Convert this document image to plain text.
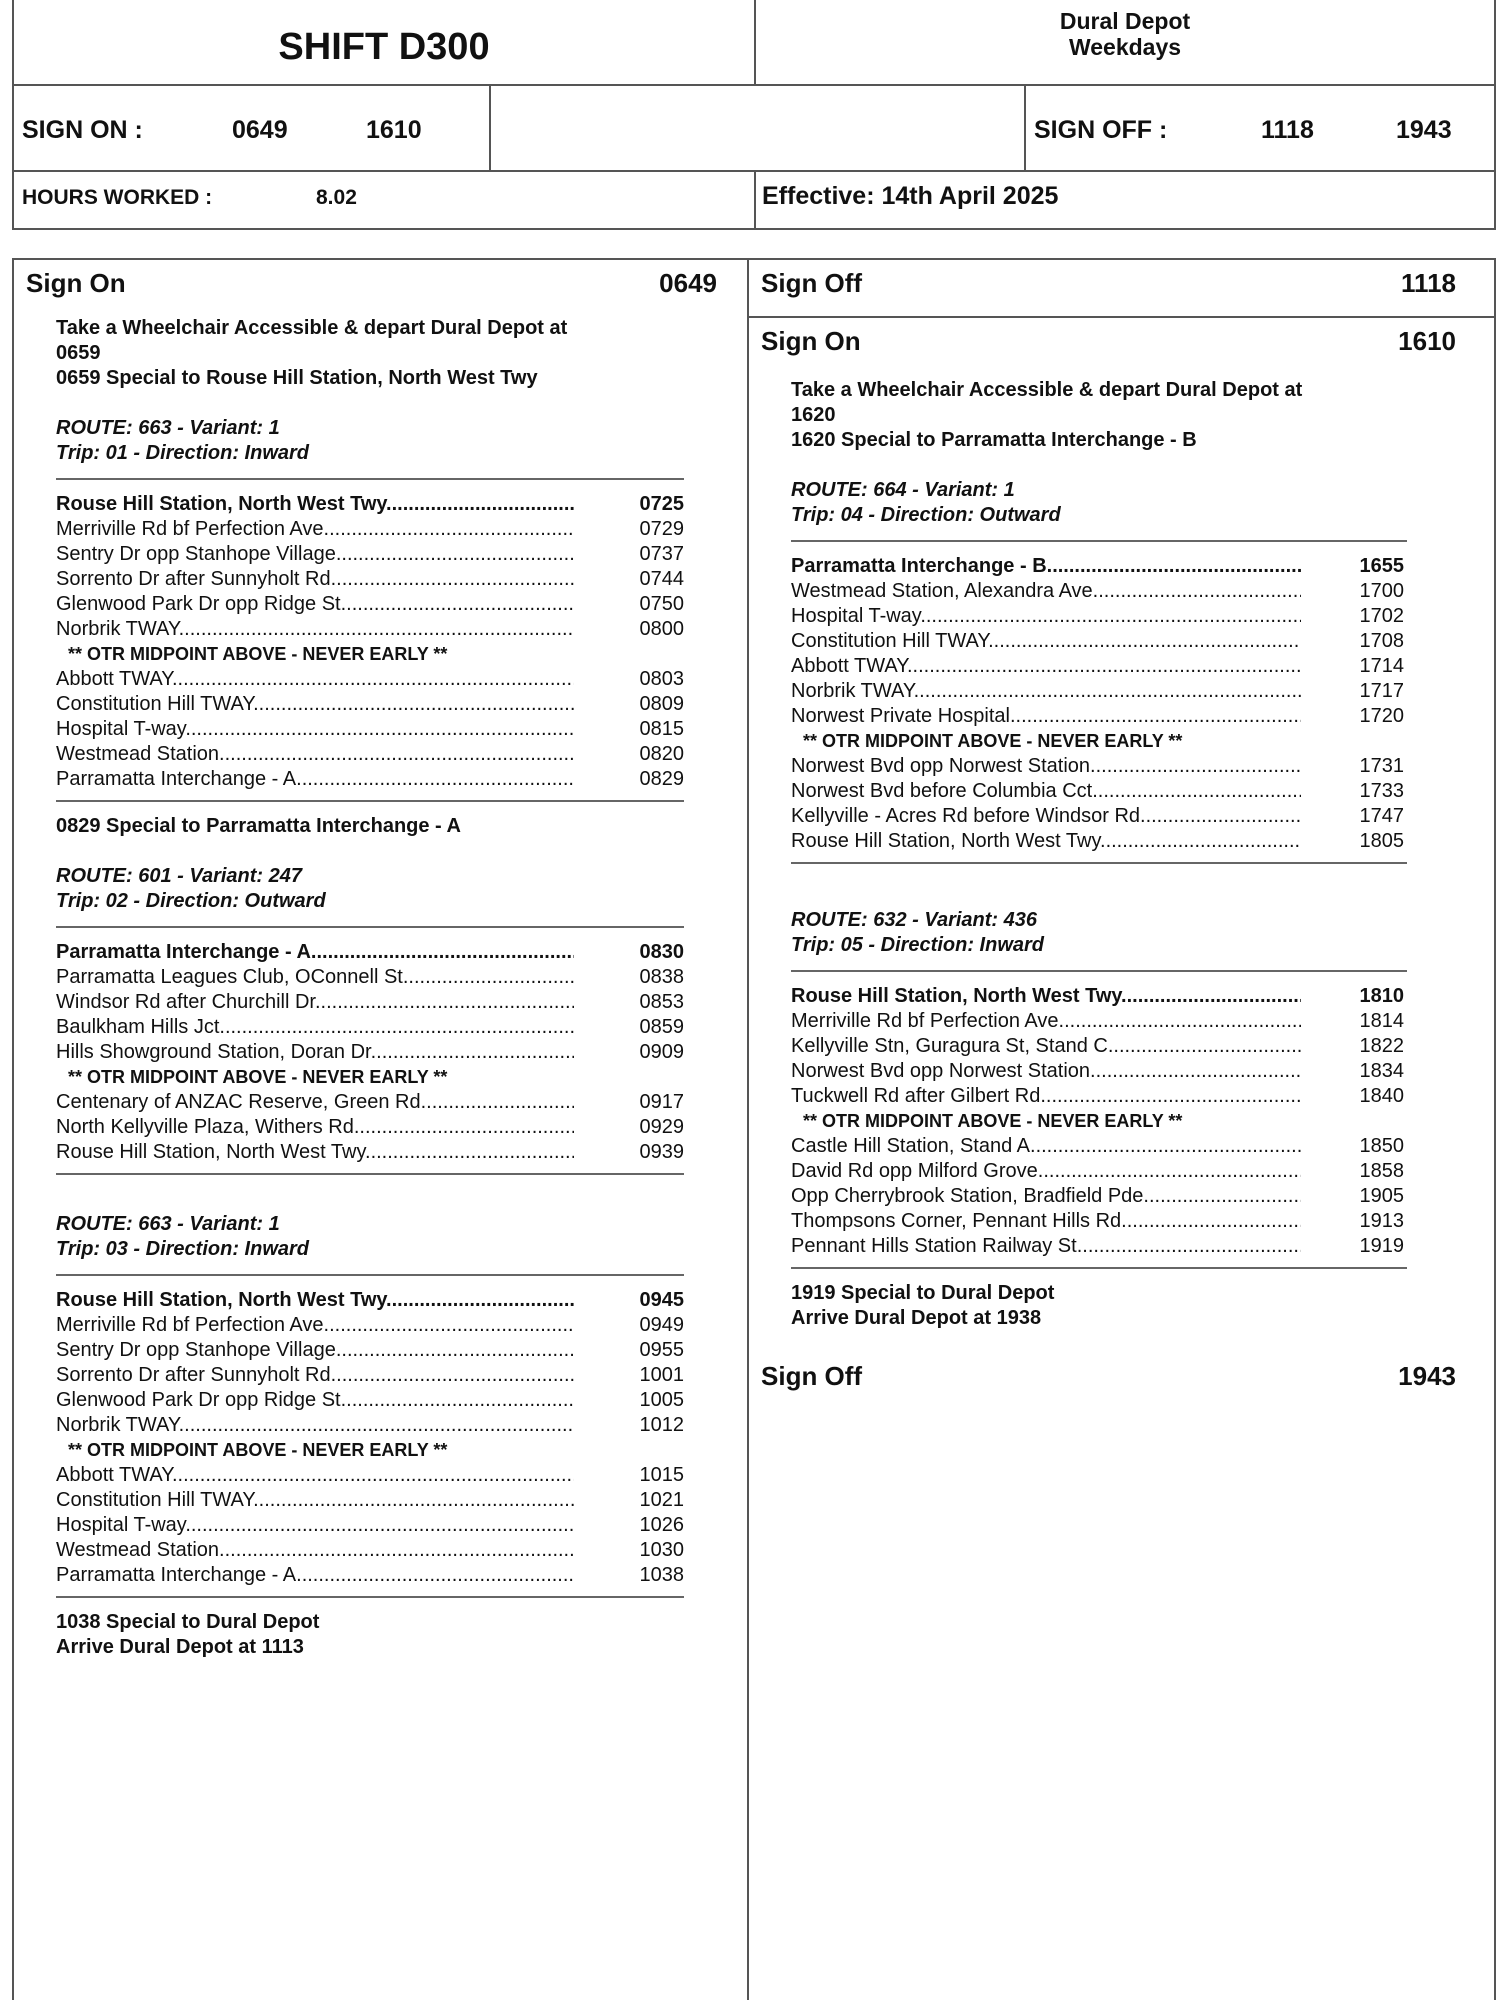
SHIFT D300
Dural Depot
Weekdays
SIGN ON :	0649	1610	SIGN OFF :	1118	1943
HOURS WORKED :	8.02	Effective: 14th April 2025
Sign On	0649
Take a Wheelchair Accessible & depart Dural Depot at
0659
0659 Special to Rouse Hill Station, North West Twy
ROUTE: 663 - Variant: 1
Trip: 01 - Direction: Inward
Rouse Hill Station, North West Twy .....	0725
Merriville Rd bf Perfection Ave .....	0729
Sentry Dr opp Stanhope Village .....	0737
Sorrento Dr after Sunnyholt Rd .....	0744
Glenwood Park Dr opp Ridge St .....	0750
Norbrik TWAY .....	0800
** OTR MIDPOINT ABOVE - NEVER EARLY **
Abbott TWAY .....	0803
Constitution Hill TWAY .....	0809
Hospital T-way .....	0815
Westmead Station .....	0820
Parramatta Interchange - A .....	0829
0829 Special to Parramatta Interchange - A
ROUTE: 601 - Variant: 247
Trip: 02 - Direction: Outward
Parramatta Interchange - A .....	0830
Parramatta Leagues Club, OConnell St .....	0838
Windsor Rd after Churchill Dr .....	0853
Baulkham Hills Jct .....	0859
Hills Showground Station, Doran Dr .....	0909
** OTR MIDPOINT ABOVE - NEVER EARLY **
Centenary of ANZAC Reserve, Green Rd .....	0917
North Kellyville Plaza, Withers Rd .....	0929
Rouse Hill Station, North West Twy .....	0939
ROUTE: 663 - Variant: 1
Trip: 03 - Direction: Inward
Rouse Hill Station, North West Twy .....	0945
Merriville Rd bf Perfection Ave .....	0949
Sentry Dr opp Stanhope Village .....	0955
Sorrento Dr after Sunnyholt Rd .....	1001
Glenwood Park Dr opp Ridge St .....	1005
Norbrik TWAY .....	1012
** OTR MIDPOINT ABOVE - NEVER EARLY **
Abbott TWAY .....	1015
Constitution Hill TWAY .....	1021
Hospital T-way .....	1026
Westmead Station .....	1030
Parramatta Interchange - A .....	1038
1038 Special to Dural Depot
Arrive Dural Depot at 1113
Sign Off	1118
Sign On	1610
Take a Wheelchair Accessible & depart Dural Depot at
1620
1620 Special to Parramatta Interchange - B
ROUTE: 664 - Variant: 1
Trip: 04 - Direction: Outward
Parramatta Interchange - B .....	1655
Westmead Station, Alexandra Ave .....	1700
Hospital T-way .....	1702
Constitution Hill TWAY .....	1708
Abbott TWAY .....	1714
Norbrik TWAY .....	1717
Norwest Private Hospital .....	1720
** OTR MIDPOINT ABOVE - NEVER EARLY **
Norwest Bvd opp Norwest Station .....	1731
Norwest Bvd before Columbia Cct .....	1733
Kellyville - Acres Rd before Windsor Rd .....	1747
Rouse Hill Station, North West Twy .....	1805
ROUTE: 632 - Variant: 436
Trip: 05 - Direction: Inward
Rouse Hill Station, North West Twy .....	1810
Merriville Rd bf Perfection Ave .....	1814
Kellyville Stn, Guragura St, Stand C .....	1822
Norwest Bvd opp Norwest Station .....	1834
Tuckwell Rd after Gilbert Rd .....	1840
** OTR MIDPOINT ABOVE - NEVER EARLY **
Castle Hill Station, Stand A .....	1850
David Rd opp Milford Grove .....	1858
Opp Cherrybrook Station, Bradfield Pde .....	1905
Thompsons Corner, Pennant Hills Rd .....	1913
Pennant Hills Station Railway St .....	1919
1919 Special to Dural Depot
Arrive Dural Depot at 1938
Sign Off	1943
